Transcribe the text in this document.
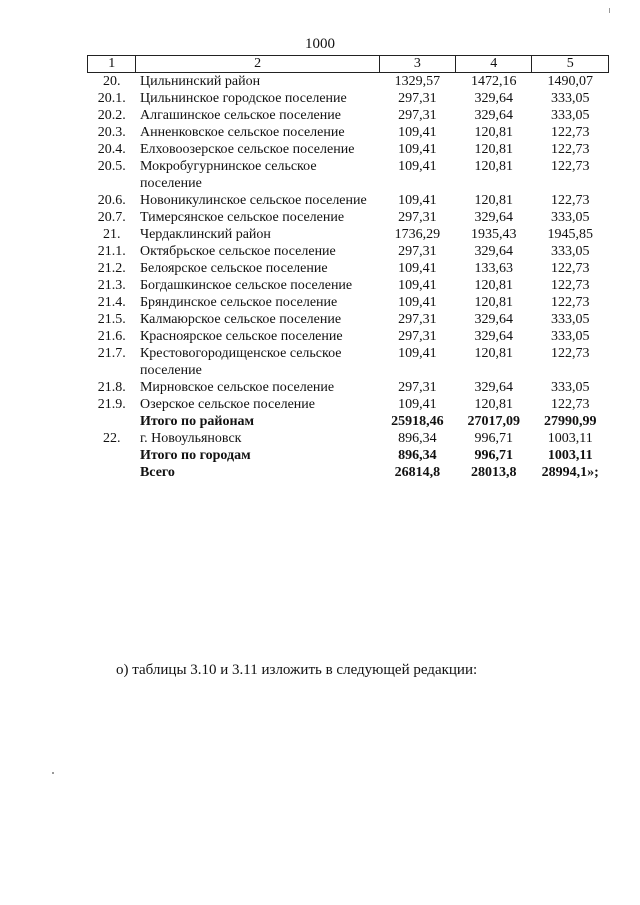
1000
1	2	3	4	5
20.	Цильнинский район	1329,57	1472,16	1490,07
20.1.	Цильнинское городское поселение	297,31	329,64	333,05
20.2.	Алгашинское сельское поселение	297,31	329,64	333,05
20.3.	Анненковское сельское поселение	109,41	120,81	122,73
20.4.	Елховоозерское сельское поселение	109,41	120,81	122,73
20.5.	Мокробугурнинское сельское поселение	109,41	120,81	122,73
20.6.	Новоникулинское сельское поселение	109,41	120,81	122,73
20.7.	Тимерсянское сельское поселение	297,31	329,64	333,05
21.	Чердаклинский район	1736,29	1935,43	1945,85
21.1.	Октябрьское сельское поселение	297,31	329,64	333,05
21.2.	Белоярское сельское поселение	109,41	133,63	122,73
21.3.	Богдашкинское сельское поселение	109,41	120,81	122,73
21.4.	Бряндинское сельское поселение	109,41	120,81	122,73
21.5.	Калмаюрское сельское поселение	297,31	329,64	333,05
21.6.	Красноярское сельское поселение	297,31	329,64	333,05
21.7.	Крестовогородищенское сельское поселение	109,41	120,81	122,73
21.8.	Мирновское сельское поселение	297,31	329,64	333,05
21.9.	Озерское сельское поселение	109,41	120,81	122,73
	Итого по районам	25918,46	27017,09	27990,99
22.	г. Новоульяновск	896,34	996,71	1003,11
	Итого по городам	896,34	996,71	1003,11
	Всего	26814,8	28013,8	28994,1»;
о) таблицы 3.10 и 3.11 изложить в следующей редакции:
